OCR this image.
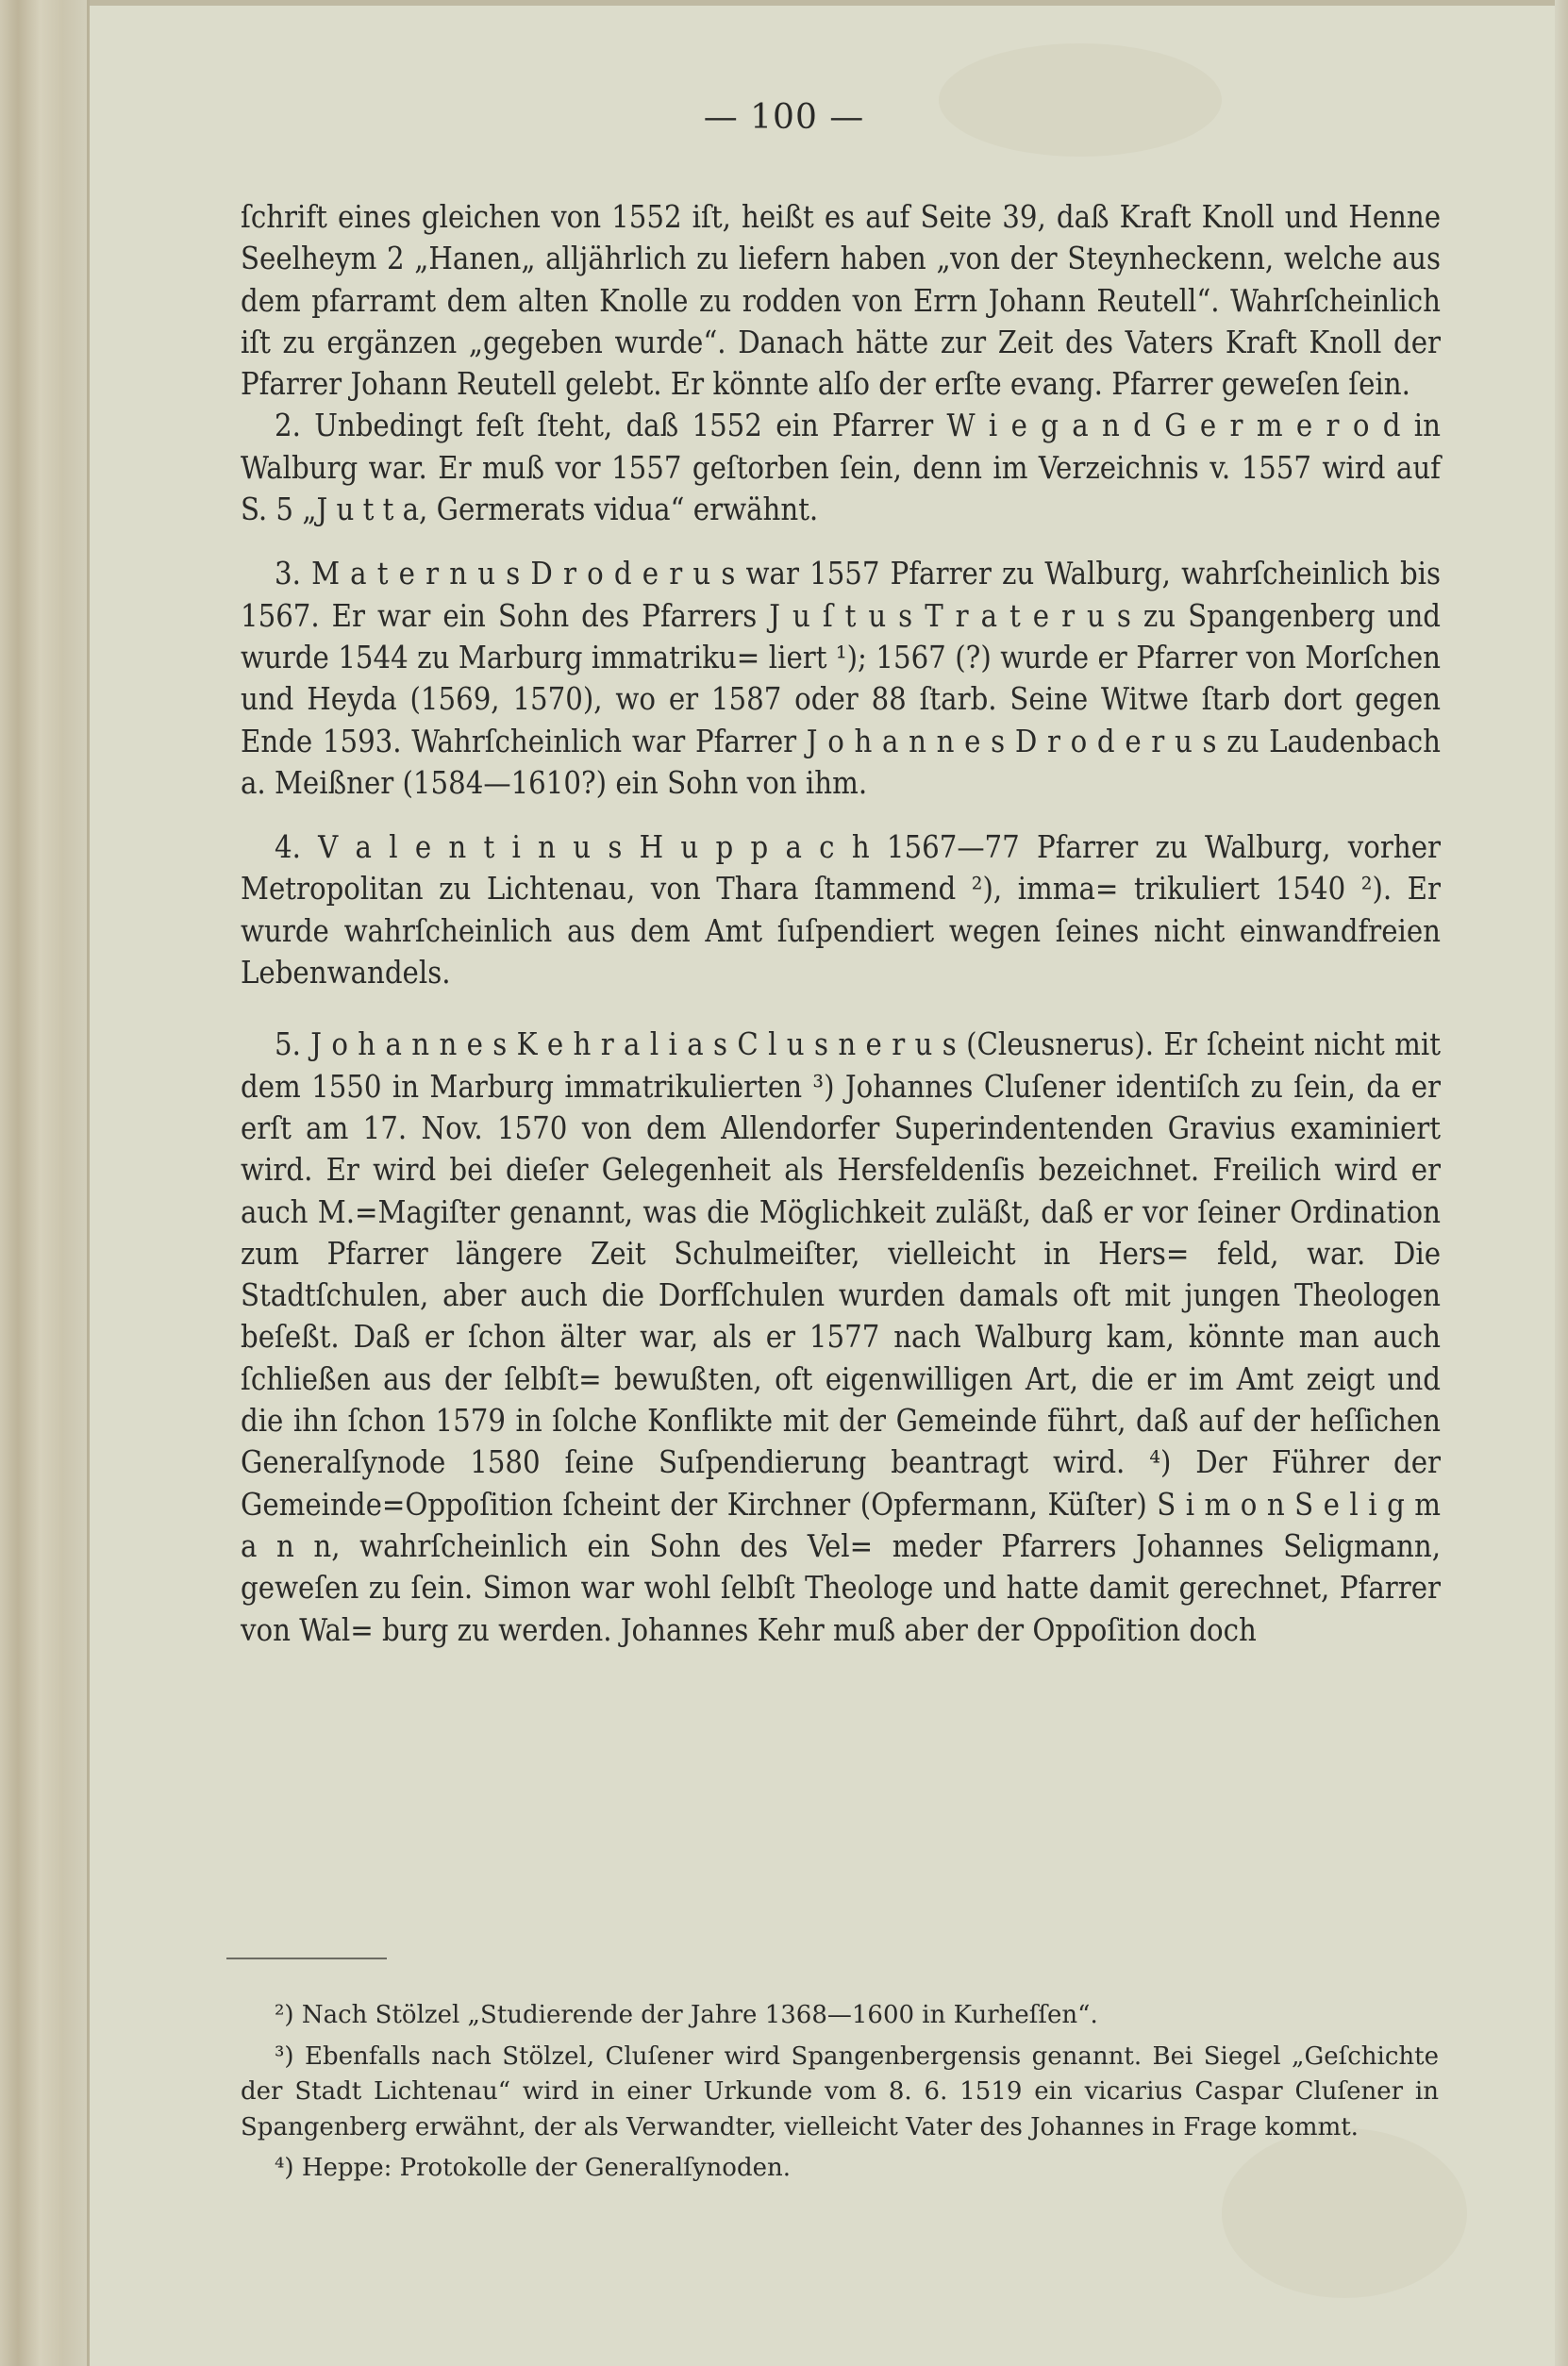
— 100 —

ſchrift eines gleichen von 1552 iſt, heißt es auf Seite 39, daß Kraft Knoll und Henne Seelheym 2 „Hanen„ alljährlich zu liefern haben „von der Steynheckenn, welche aus dem pfarramt dem alten Knolle zu rodden von Errn Johann Reutell“. Wahrſcheinlich iſt zu ergänzen „gegeben wurde“. Danach hätte zur Zeit des Vaters Kraft Knoll der Pfarrer Johann Reutell gelebt. Er könnte alſo der erſte evang. Pfarrer geweſen ſein.

2. Unbedingt feſt ſteht, daß 1552 ein Pfarrer W i e g a n d G e r m e r o d in Walburg war. Er muß vor 1557 geſtorben ſein, denn im Verzeichnis v. 1557 wird auf S. 5 „J u t t a, Germerats vidua“ erwähnt.

3. M a t e r n u s D r o d e r u s war 1557 Pfarrer zu Walburg, wahrſcheinlich bis 1567. Er war ein Sohn des Pfarrers J u ſ t u s T r a t e r u s zu Spangenberg und wurde 1544 zu Marburg immatriku= liert ¹); 1567 (?) wurde er Pfarrer von Morſchen und Heyda (1569, 1570), wo er 1587 oder 88 ſtarb. Seine Witwe ſtarb dort gegen Ende 1593. Wahrſcheinlich war Pfarrer J o h a n n e s D r o d e r u s zu Laudenbach a. Meißner (1584—1610?) ein Sohn von ihm.

4. V a l e n t i n u s H u p p a c h 1567—77 Pfarrer zu Walburg, vorher Metropolitan zu Lichtenau, von Thara ſtammend ²), imma= trikuliert 1540 ²). Er wurde wahrſcheinlich aus dem Amt ſuſpendiert wegen ſeines nicht einwandfreien Lebenwandels.

5. J o h a n n e s K e h r a l i a s C l u s n e r u s (Cleusnerus). Er ſcheint nicht mit dem 1550 in Marburg immatrikulierten ³) Johannes Cluſener identiſch zu ſein, da er erſt am 17. Nov. 1570 von dem Allendorfer Superindentenden Gravius examiniert wird. Er wird bei dieſer Gelegenheit als Hersfeldenſis bezeichnet. Freilich wird er auch M.=Magiſter genannt, was die Möglichkeit zuläßt, daß er vor ſeiner Ordination zum Pfarrer längere Zeit Schulmeiſter, vielleicht in Hers= feld, war. Die Stadtſchulen, aber auch die Dorfſchulen wurden damals oft mit jungen Theologen beſeßt. Daß er ſchon älter war, als er 1577 nach Walburg kam, könnte man auch ſchließen aus der ſelbſt= bewußten, oft eigenwilligen Art, die er im Amt zeigt und die ihn ſchon 1579 in ſolche Konflikte mit der Gemeinde führt, daß auf der heſſichen Generalſynode 1580 ſeine Suſpendierung beantragt wird. ⁴) Der Führer der Gemeinde=Oppoſition ſcheint der Kirchner (Opfermann, Küſter) S i m o n S e l i g m a n n, wahrſcheinlich ein Sohn des Vel= meder Pfarrers Johannes Seligmann, geweſen zu ſein. Simon war wohl ſelbſt Theologe und hatte damit gerechnet, Pfarrer von Wal= burg zu werden. Johannes Kehr muß aber der Oppoſition doch

²) Nach Stölzel „Studierende der Jahre 1368—1600 in Kurheſſen“.

³) Ebenfalls nach Stölzel, Cluſener wird Spangenbergensis genannt. Bei Siegel „Geſchichte der Stadt Lichtenau“ wird in einer Urkunde vom 8. 6. 1519 ein vicarius Caspar Cluſener in Spangenberg erwähnt, der als Verwandter, vielleicht Vater des Johannes in Frage kommt.

⁴) Heppe: Protokolle der Generalſynoden.
